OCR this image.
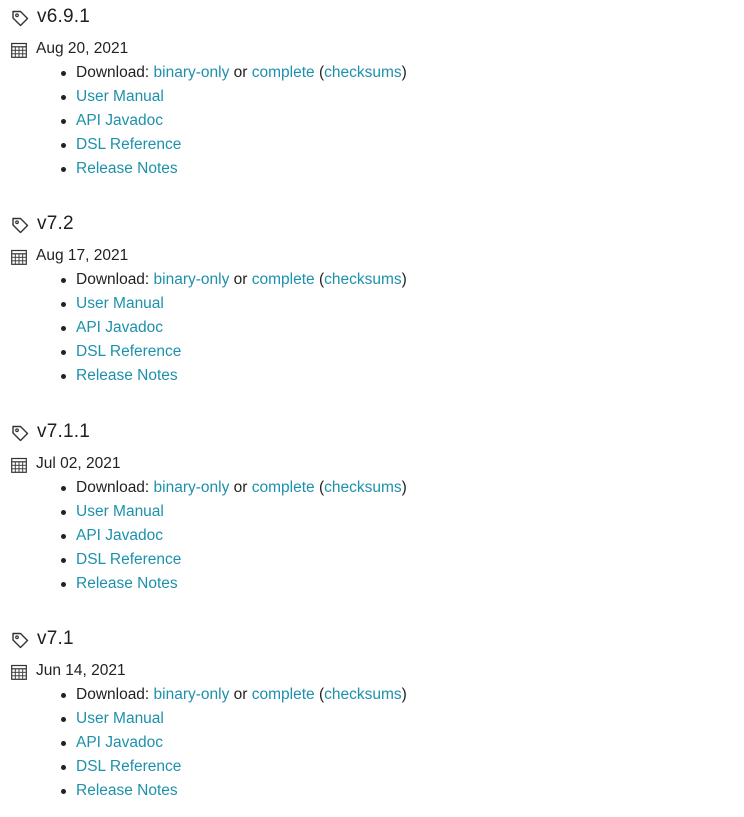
v6.9.1
Aug 20, 2021
Download: binary-only or complete (checksums)
User Manual
API Javadoc
DSL Reference
Release Notes
v7.2
Aug 17, 2021
Download: binary-only or complete (checksums)
User Manual
API Javadoc
DSL Reference
Release Notes
v7.1.1
Jul 02, 2021
Download: binary-only or complete (checksums)
User Manual
API Javadoc
DSL Reference
Release Notes
v7.1
Jun 14, 2021
Download: binary-only or complete (checksums)
User Manual
API Javadoc
DSL Reference
Release Notes
